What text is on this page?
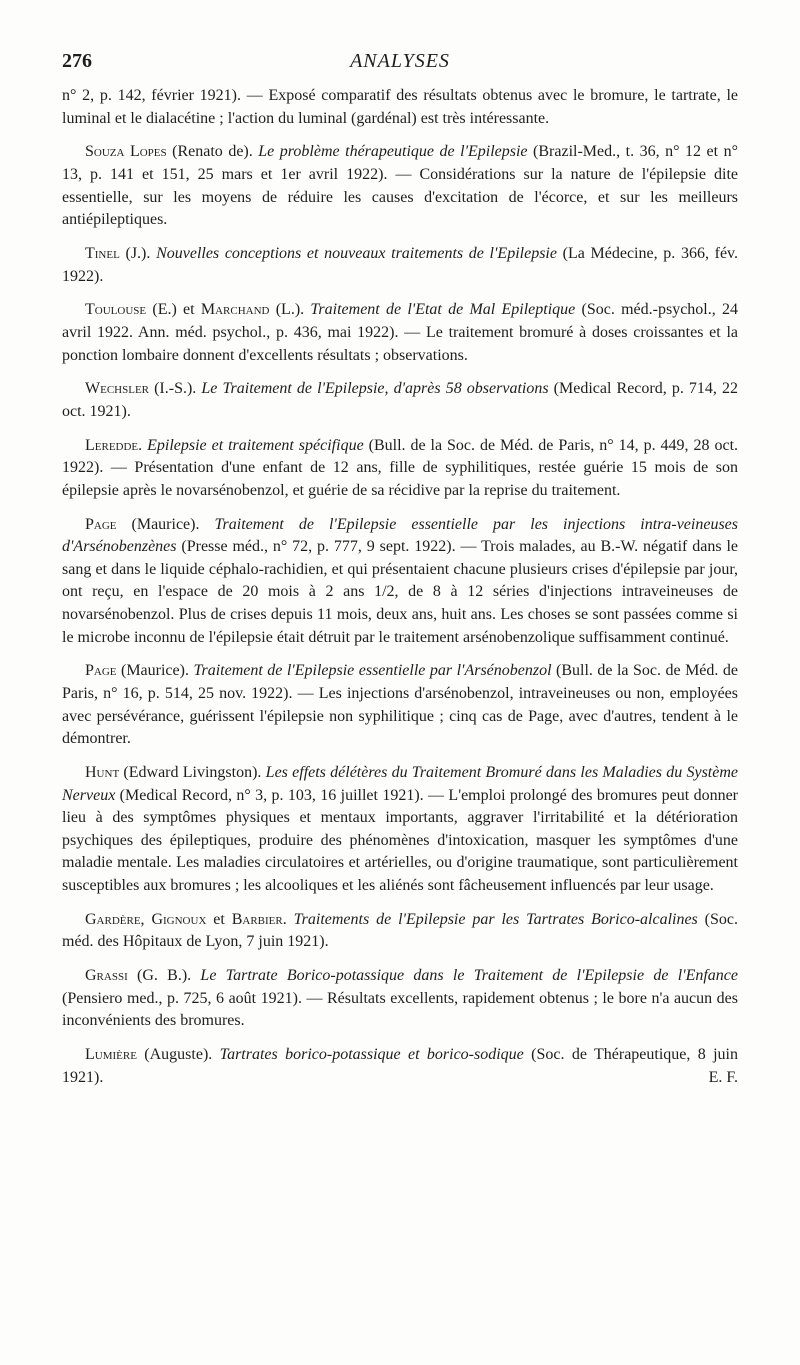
276	ANALYSES

n° 2, p. 142, février 1921). — Exposé comparatif des résultats obtenus avec le bromure, le tartrate, le luminal et le dialacétine ; l'action du luminal (gardénal) est très intéressante.

Souza Lopes (Renato de). Le problème thérapeutique de l'Epilepsie (Brazil-Med., t. 36, n° 12 et n° 13, p. 141 et 151, 25 mars et 1er avril 1922). — Considérations sur la nature de l'épilepsie dite essentielle, sur les moyens de réduire les causes d'excitation de l'écorce, et sur les meilleurs antiépileptiques.

Tinel (J.). Nouvelles conceptions et nouveaux traitements de l'Epilepsie (La Médecine, p. 366, fév. 1922).

Toulouse (E.) et Marchand (L.). Traitement de l'Etat de Mal Epileptique (Soc. méd.-psychol., 24 avril 1922. Ann. méd. psychol., p. 436, mai 1922). — Le traitement bromuré à doses croissantes et la ponction lombaire donnent d'excellents résultats ; observations.

Wechsler (I.-S.). Le Traitement de l'Epilepsie, d'après 58 observations (Medical Record, p. 714, 22 oct. 1921).

Leredde. Epilepsie et traitement spécifique (Bull. de la Soc. de Méd. de Paris, n° 14, p. 449, 28 oct. 1922). — Présentation d'une enfant de 12 ans, fille de syphilitiques, restée guérie 15 mois de son épilepsie après le novarsénobenzol, et guérie de sa récidive par la reprise du traitement.

Page (Maurice). Traitement de l'Epilepsie essentielle par les injections intra-veineuses d'Arsénobenzènes (Presse méd., n° 72, p. 777, 9 sept. 1922). — Trois malades, au B.-W. négatif dans le sang et dans le liquide céphalo-rachidien, et qui présentaient chacune plusieurs crises d'épilepsie par jour, ont reçu, en l'espace de 20 mois à 2 ans 1/2, de 8 à 12 séries d'injections intraveineuses de novarsénobenzol. Plus de crises depuis 11 mois, deux ans, huit ans. Les choses se sont passées comme si le microbe inconnu de l'épilepsie était détruit par le traitement arsénobenzolique suffisamment continué.

Page (Maurice). Traitement de l'Epilepsie essentielle par l'Arsénobenzol (Bull. de la Soc. de Méd. de Paris, n° 16, p. 514, 25 nov. 1922). — Les injections d'arsénobenzol, intraveineuses ou non, employées avec persévérance, guérissent l'épilepsie non syphilitique ; cinq cas de Page, avec d'autres, tendent à le démontrer.

Hunt (Edward Livingston). Les effets délétères du Traitement Bromuré dans les Maladies du Système Nerveux (Medical Record, n° 3, p. 103, 16 juillet 1921). — L'emploi prolongé des bromures peut donner lieu à des symptômes physiques et mentaux importants, aggraver l'irritabilité et la détérioration psychiques des épileptiques, produire des phénomènes d'intoxication, masquer les symptômes d'une maladie mentale. Les maladies circulatoires et artérielles, ou d'origine traumatique, sont particulièrement susceptibles aux bromures ; les alcooliques et les aliénés sont fâcheusement influencés par leur usage.

Gardère, Gignoux et Barbier. Traitements de l'Epilepsie par les Tartrates Borico-alcalines (Soc. méd. des Hôpitaux de Lyon, 7 juin 1921).

Grassi (G. B.). Le Tartrate Borico-potassique dans le Traitement de l'Epilepsie de l'Enfance (Pensiero med., p. 725, 6 août 1921). — Résultats excellents, rapidement obtenus ; le bore n'a aucun des inconvénients des bromures.

Lumière (Auguste). Tartrates borico-potassique et borico-sodique (Soc. de Thérapeutique, 8 juin 1921).	E. F.
